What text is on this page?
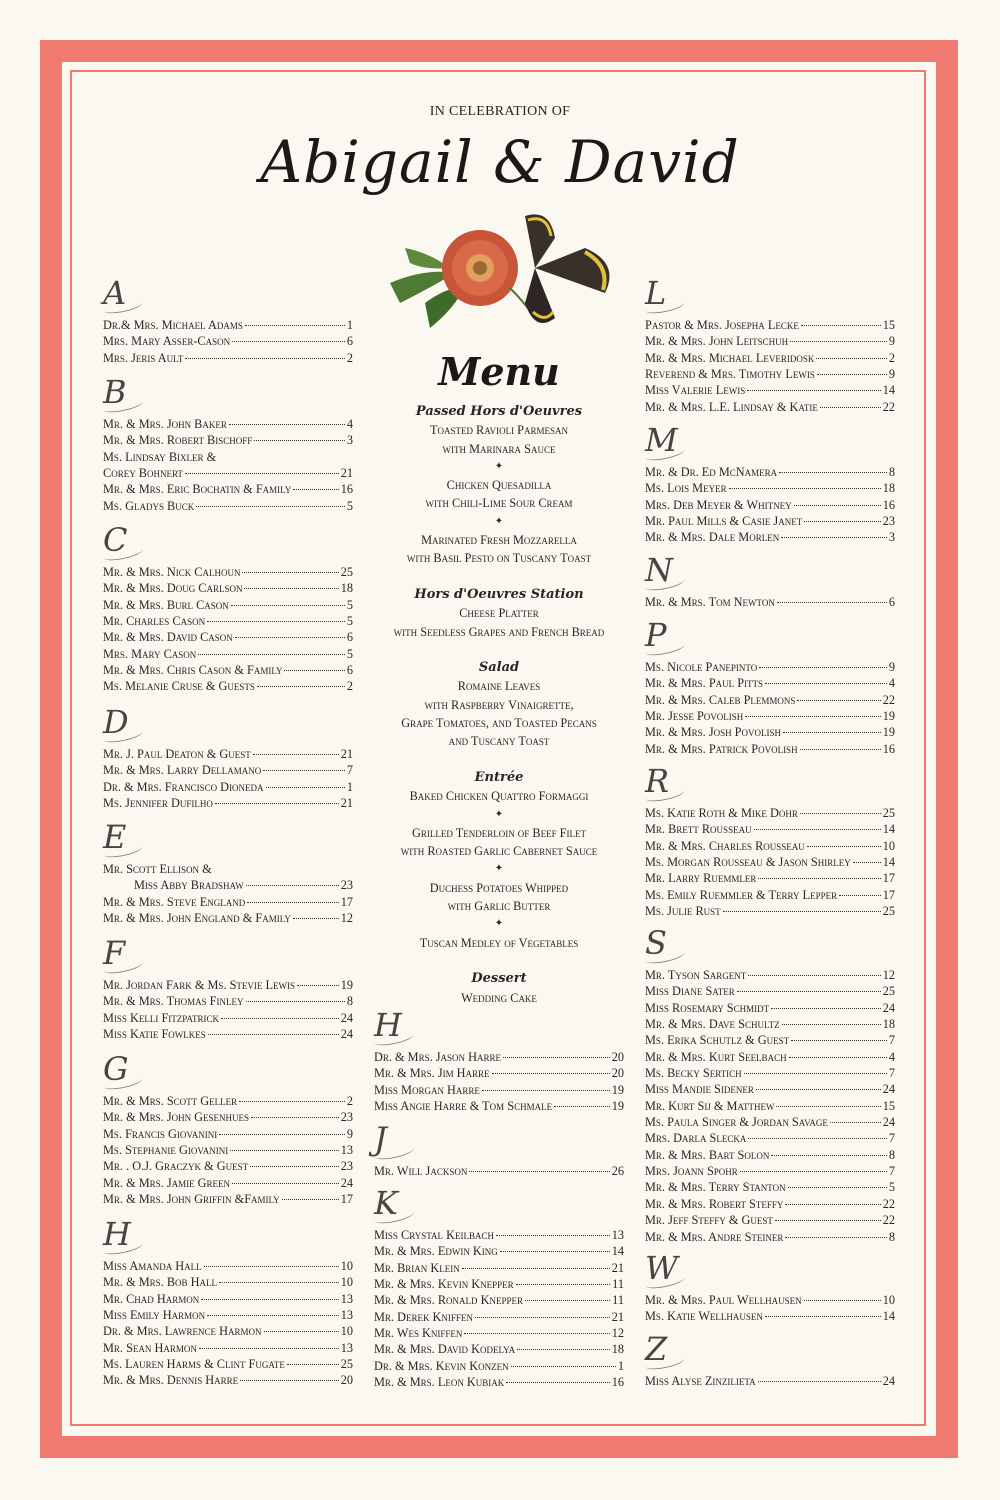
IN CELEBRATION OF
Abigail & David
A
Dr.& Mrs. Michael Adams	1
Mrs. Mary Asser-Cason	6
Mrs. Jeris Ault	2
B
Mr. & Mrs. John Baker	4
Mr. & Mrs. Robert Bischoff	3
Ms. Lindsay Bixler &
Corey Bohnert	21
Mr. & Mrs. Eric Bochatin & Family	16
Ms. Gladys Buck	5
C
Mr. & Mrs. Nick Calhoun	25
Mr. & Mrs. Doug Carlson	18
Mr. & Mrs. Burl Cason	5
Mr. Charles Cason	5
Mr. & Mrs. David Cason	6
Mrs. Mary Cason	5
Mr. & Mrs. Chris Cason & Family	6
Ms. Melanie Cruse & Guests	2
D
Mr. J. Paul Deaton & Guest	21
Mr. & Mrs. Larry Dellamano	7
Dr. & Mrs. Francisco Dioneda	1
Ms. Jennifer Dufilho	21
E
Mr. Scott Ellison &
Miss Abby Bradshaw	23
Mr. & Mrs. Steve England	17
Mr. & Mrs. John England & Family	12
F
Mr. Jordan Fark & Ms. Stevie Lewis	19
Mr. & Mrs. Thomas Finley	8
Miss Kelli Fitzpatrick	24
Miss Katie Fowlkes	24
G
Mr. & Mrs. Scott Geller	2
Mr. & Mrs. John Gesenhues	23
Ms. Francis Giovanini	9
Ms. Stephanie Giovanini	13
Mr. . O.J. Graczyk & Guest	23
Mr. & Mrs. Jamie Green	24
Mr. & Mrs. John Griffin &Family	17
H
Miss Amanda Hall	10
Mr. & Mrs. Bob Hall	10
Mr. Chad Harmon	13
Miss Emily Harmon	13
Dr. & Mrs. Lawrence Harmon	10
Mr. Sean Harmon	13
Ms. Lauren Harms & Clint Fugate	25
Mr. & Mrs. Dennis Harre	20
H
Dr. & Mrs. Jason Harre	20
Mr. & Mrs. Jim Harre	20
Miss Morgan Harre	19
Miss Angie Harre & Tom Schmale	19
J
Mr. Will Jackson	26
K
Miss Crystal Keilbach	13
Mr. & Mrs. Edwin King	14
Mr. Brian Klein	21
Mr. & Mrs. Kevin Knepper	11
Mr. & Mrs. Ronald Knepper	11
Mr. Derek Kniffen	21
Mr. Wes Kniffen	12
Mr. & Mrs. David Kodelya	18
Dr. & Mrs. Kevin Konzen	1
Mr. & Mrs. Leon Kubiak	16
L
Pastor & Mrs. Josepha Lecke	15
Mr. & Mrs. John Leitschuh	9
Mr. & Mrs. Michael Leveridosk	2
Reverend & Mrs. Timothy Lewis	9
Miss Valerie Lewis	14
Mr. & Mrs. L.E. Lindsay & Katie	22
M
Mr. & Dr. Ed McNamera	8
Ms. Lois Meyer	18
Mrs. Deb Meyer & Whitney	16
Mr. Paul Mills & Casie Janet	23
Mr. & Mrs. Dale Morlen	3
N
Mr. & Mrs. Tom Newton	6
P
Ms. Nicole Panepinto	9
Mr. & Mrs. Paul Pitts	4
Mr. & Mrs. Caleb Plemmons	22
Mr. Jesse Povolish	19
Mr. & Mrs. Josh Povolish	19
Mr. & Mrs. Patrick Povolish	16
R
Ms. Katie Roth & Mike Dohr	25
Mr. Brett Rousseau	14
Mr. & Mrs. Charles Rousseau	10
Ms. Morgan Rousseau & Jason Shirley	14
Mr. Larry Ruemmler	17
Ms. Emily Ruemmler & Terry Lepper	17
Ms. Julie Rust	25
S
Mr. Tyson Sargent	12
Miss Diane Sater	25
Miss Rosemary Schmidt	24
Mr. & Mrs. Dave Schultz	18
Ms. Erika Schutlz & Guest	7
Mr. & Mrs. Kurt Seelbach	4
Ms. Becky Sertich	7
Miss Mandie Sidener	24
Mr. Kurt Sij & Matthew	15
Ms. Paula Singer & Jordan Savage	24
Mrs. Darla Slecka	7
Mr. & Mrs. Bart Solon	8
Mrs. Joann Spohr	7
Mr. & Mrs. Terry Stanton	5
Mr. & Mrs. Robert Steffy	22
Mr. Jeff Steffy & Guest	22
Mr. & Mrs. Andre Steiner	8
W
Mr. & Mrs. Paul Wellhausen	10
Ms. Katie Wellhausen	14
Z
Miss Alyse Zinzilieta	24
Menu
Passed Hors d'Oeuvres
Toasted Ravioli Parmesan
with Marinara Sauce
✦
Chicken Quesadilla
with Chili-Lime Sour Cream
✦
Marinated Fresh Mozzarella
with Basil Pesto on Tuscany Toast
Hors d'Oeuvres Station
Cheese Platter
with Seedless Grapes and French Bread
Salad
Romaine Leaves
with Raspberry Vinaigrette,
Grape Tomatoes, and Toasted Pecans
and Tuscany Toast
Entrée
Baked Chicken Quattro Formaggi
✦
Grilled Tenderloin of Beef Filet
with Roasted Garlic Cabernet Sauce
✦
Duchess Potatoes Whipped
with Garlic Butter
✦
Tuscan Medley of Vegetables
Dessert
Wedding Cake
